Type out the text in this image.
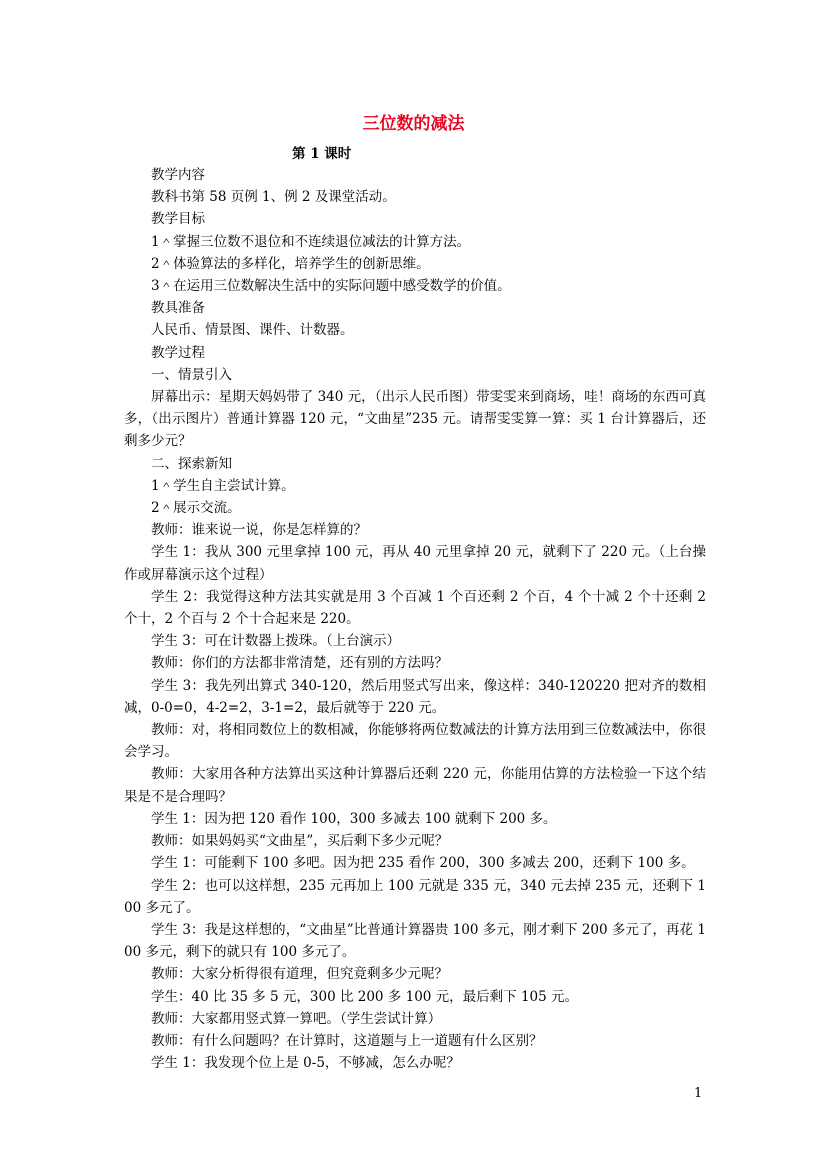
三位数的减法
第 1 课时

教学内容

教科书第 58 页例 1、例 2 及课堂活动。

教学目标

1＾掌握三位数不退位和不连续退位减法的计算方法。

2＾体验算法的多样化，培养学生的创新思维。

3＾在运用三位数解决生活中的实际问题中感受数学的价值。

教具准备

人民币、情景图、课件、计数器。

教学过程

一、情景引入

屏幕出示：星期天妈妈带了 340 元，（出示人民币图）带雯雯来到商场，哇！商场的东西可真多，（出示图片）普通计算器 120 元，“文曲星”235 元。请帮雯雯算一算：买 1 台计算器后，还剩多少元？

二、探索新知

1＾学生自主尝试计算。

2＾展示交流。

教师：谁来说一说，你是怎样算的？

学生 1：我从 300 元里拿掉 100 元，再从 40 元里拿掉 20 元，就剩下了 220 元。（上台操作或屏幕演示这个过程）

学生 2：我觉得这种方法其实就是用 3 个百减 1 个百还剩 2 个百，4 个十减 2 个十还剩 2 个十，2 个百与 2 个十合起来是 220。

学生 3：可在计数器上拨珠。（上台演示）

教师：你们的方法都非常清楚，还有别的方法吗？

学生 3：我先列出算式 340-120，然后用竖式写出来，像这样：340-120220 把对齐的数相减，0-0=0，4-2=2，3-1=2，最后就等于 220 元。

教师：对，将相同数位上的数相减，你能够将两位数减法的计算方法用到三位数减法中，你很会学习。

教师：大家用各种方法算出买这种计算器后还剩 220 元，你能用估算的方法检验一下这个结果是不是合理吗？

学生 1：因为把 120 看作 100，300 多减去 100 就剩下 200 多。

教师：如果妈妈买“文曲星”，买后剩下多少元呢？

学生 1：可能剩下 100 多吧。因为把 235 看作 200，300 多减去 200，还剩下 100 多。

学生 2：也可以这样想，235 元再加上 100 元就是 335 元，340 元去掉 235 元，还剩下 100 多元了。

学生 3：我是这样想的，“文曲星”比普通计算器贵 100 多元，刚才剩下 200 多元了，再花 100 多元，剩下的就只有 100 多元了。

教师：大家分析得很有道理，但究竟剩多少元呢？

学生：40 比 35 多 5 元，300 比 200 多 100 元，最后剩下 105 元。

教师：大家都用竖式算一算吧。（学生尝试计算）

教师：有什么问题吗？在计算时，这道题与上一道题有什么区别？

学生 1：我发现个位上是 0-5，不够减，怎么办呢？

1
